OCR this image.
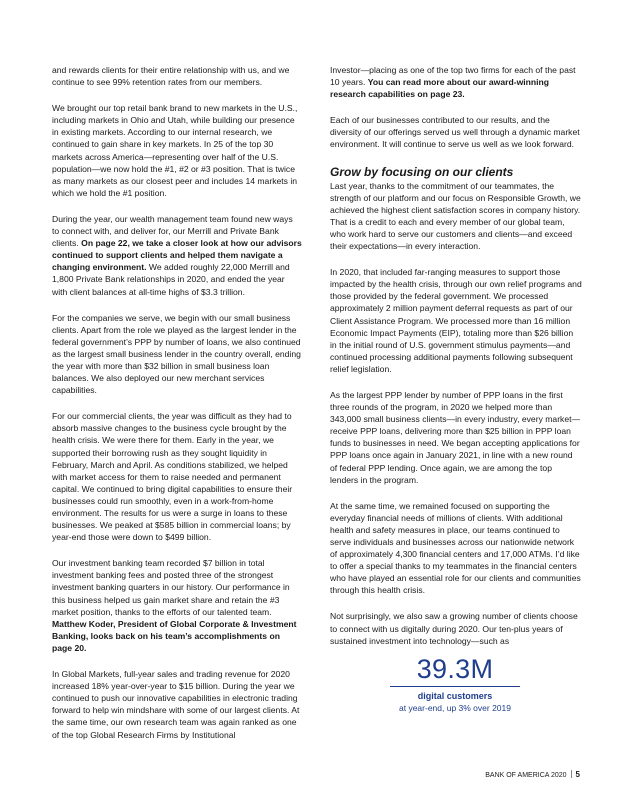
and rewards clients for their entire relationship with us, and we continue to see 99% retention rates from our members.

We brought our top retail bank brand to new markets in the U.S., including markets in Ohio and Utah, while building our presence in existing markets. According to our internal research, we continued to gain share in key markets. In 25 of the top 30 markets across America—representing over half of the U.S. population—we now hold the #1, #2 or #3 position. That is twice as many markets as our closest peer and includes 14 markets in which we hold the #1 position.

During the year, our wealth management team found new ways to connect with, and deliver for, our Merrill and Private Bank clients. On page 22, we take a closer look at how our advisors continued to support clients and helped them navigate a changing environment. We added roughly 22,000 Merrill and 1,800 Private Bank relationships in 2020, and ended the year with client balances at all-time highs of $3.3 trillion.

For the companies we serve, we begin with our small business clients. Apart from the role we played as the largest lender in the federal government’s PPP by number of loans, we also continued as the largest small business lender in the country overall, ending the year with more than $32 billion in small business loan balances. We also deployed our new merchant services capabilities.

For our commercial clients, the year was difficult as they had to absorb massive changes to the business cycle brought by the health crisis. We were there for them. Early in the year, we supported their borrowing rush as they sought liquidity in February, March and April. As conditions stabilized, we helped with market access for them to raise needed and permanent capital. We continued to bring digital capabilities to ensure their businesses could run smoothly, even in a work-from-home environment. The results for us were a surge in loans to these businesses. We peaked at $585 billion in commercial loans; by year-end those were down to $499 billion.

Our investment banking team recorded $7 billion in total investment banking fees and posted three of the strongest investment banking quarters in our history. Our performance in this business helped us gain market share and retain the #3 market position, thanks to the efforts of our talented team. Matthew Koder, President of Global Corporate & Investment Banking, looks back on his team’s accomplishments on page 20.

In Global Markets, full-year sales and trading revenue for 2020 increased 18% year-over-year to $15 billion. During the year we continued to push our innovative capabilities in electronic trading forward to help win mindshare with some of our largest clients. At the same time, our own research team was again ranked as one of the top Global Research Firms by Institutional

Investor—placing as one of the top two firms for each of the past 10 years. You can read more about our award-winning research capabilities on page 23.

Each of our businesses contributed to our results, and the diversity of our offerings served us well through a dynamic market environment. It will continue to serve us well as we look forward.

Grow by focusing on our clients

Last year, thanks to the commitment of our teammates, the strength of our platform and our focus on Responsible Growth, we achieved the highest client satisfaction scores in company history. That is a credit to each and every member of our global team, who work hard to serve our customers and clients—and exceed their expectations—in every interaction.

In 2020, that included far-ranging measures to support those impacted by the health crisis, through our own relief programs and those provided by the federal government. We processed approximately 2 million payment deferral requests as part of our Client Assistance Program. We processed more than 16 million Economic Impact Payments (EIP), totaling more than $26 billion in the initial round of U.S. government stimulus payments—and continued processing additional payments following subsequent relief legislation.

As the largest PPP lender by number of PPP loans in the first three rounds of the program, in 2020 we helped more than 343,000 small business clients—in every industry, every market—receive PPP loans, delivering more than $25 billion in PPP loan funds to businesses in need. We began accepting applications for PPP loans once again in January 2021, in line with a new round of federal PPP lending. Once again, we are among the top lenders in the program.

At the same time, we remained focused on supporting the everyday financial needs of millions of clients. With additional health and safety measures in place, our teams continued to serve individuals and businesses across our nationwide network of approximately 4,300 financial centers and 17,000 ATMs. I’d like to offer a special thanks to my teammates in the financial centers who have played an essential role for our clients and communities through this health crisis.

Not surprisingly, we also saw a growing number of clients choose to connect with us digitally during 2020. Our ten-plus years of sustained investment into technology—such as

39.3M
digital customers
at year-end, up 3% over 2019
BANK OF AMERICA 2020 5
